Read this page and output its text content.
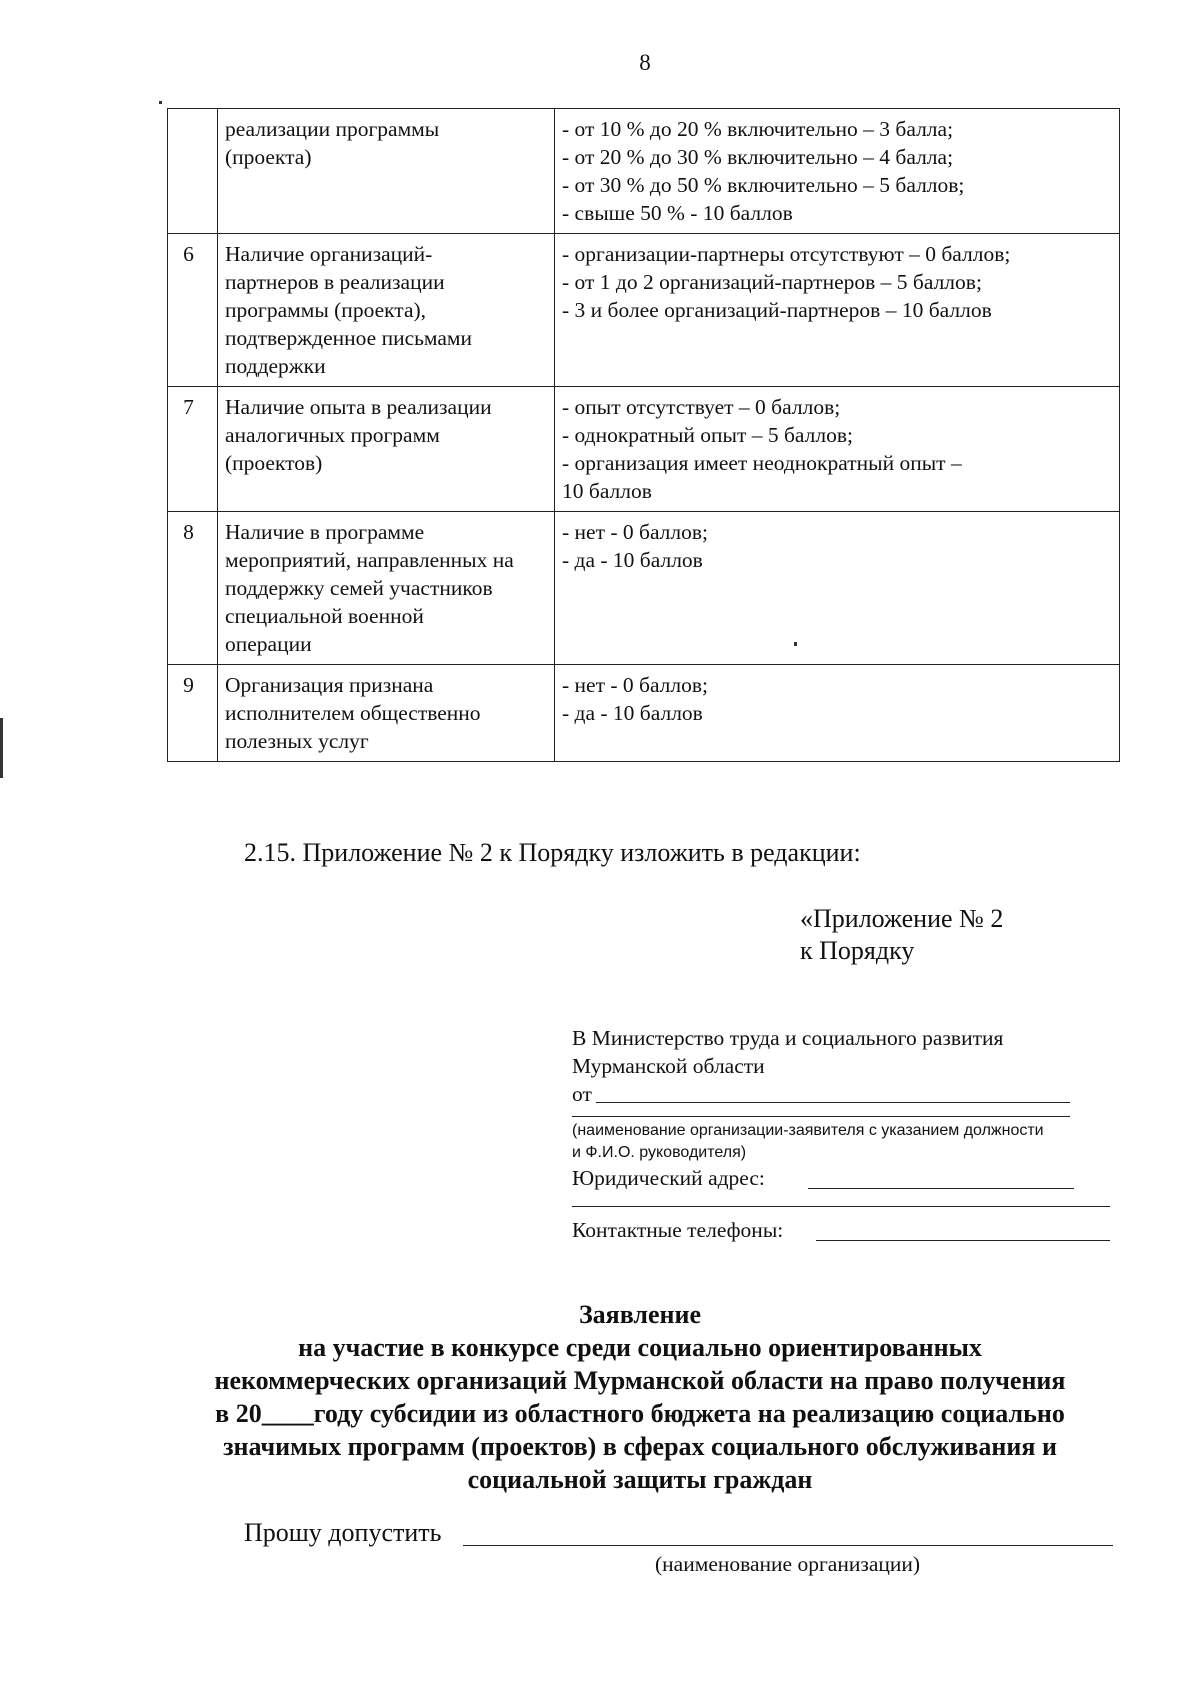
8

	реализации программы
(проекта)	- от 10 % до 20 % включительно – 3 балла;
- от 20 % до 30 % включительно – 4 балла;
- от 30 % до 50 % включительно – 5 баллов;
- свыше 50 % - 10 баллов

6	Наличие организаций-
партнеров в реализации
программы (проекта),
подтвержденное письмами
поддержки	- организации-партнеры отсутствуют – 0 баллов;
- от 1 до 2 организаций-партнеров – 5 баллов;
- 3 и более организаций-партнеров – 10 баллов

7	Наличие опыта в реализации
аналогичных программ
(проектов)	- опыт отсутствует – 0 баллов;
- однократный опыт – 5 баллов;
- организация имеет неоднократный опыт –
10 баллов

8	Наличие в программе
мероприятий, направленных на
поддержку семей участников
специальной военной
операции	- нет - 0 баллов;
- да - 10 баллов

9	Организация признана
исполнителем общественно
полезных услуг	- нет - 0 баллов;
- да - 10 баллов
2.15. Приложение № 2 к Порядку изложить в редакции:
«Приложение № 2
к Порядку
В Министерство труда и социального развития
Мурманской области
от
(наименование организации-заявителя с указанием должности
и Ф.И.О. руководителя)
Юридический адрес:
Контактные телефоны:
Заявление
на участие в конкурсе среди социально ориентированных
некоммерческих организаций Мурманской области на право получения
в 20____году субсидии из областного бюджета на реализацию социально
значимых программ (проектов) в сферах социального обслуживания и
социальной защиты граждан
Прошу допустить
(наименование организации)
